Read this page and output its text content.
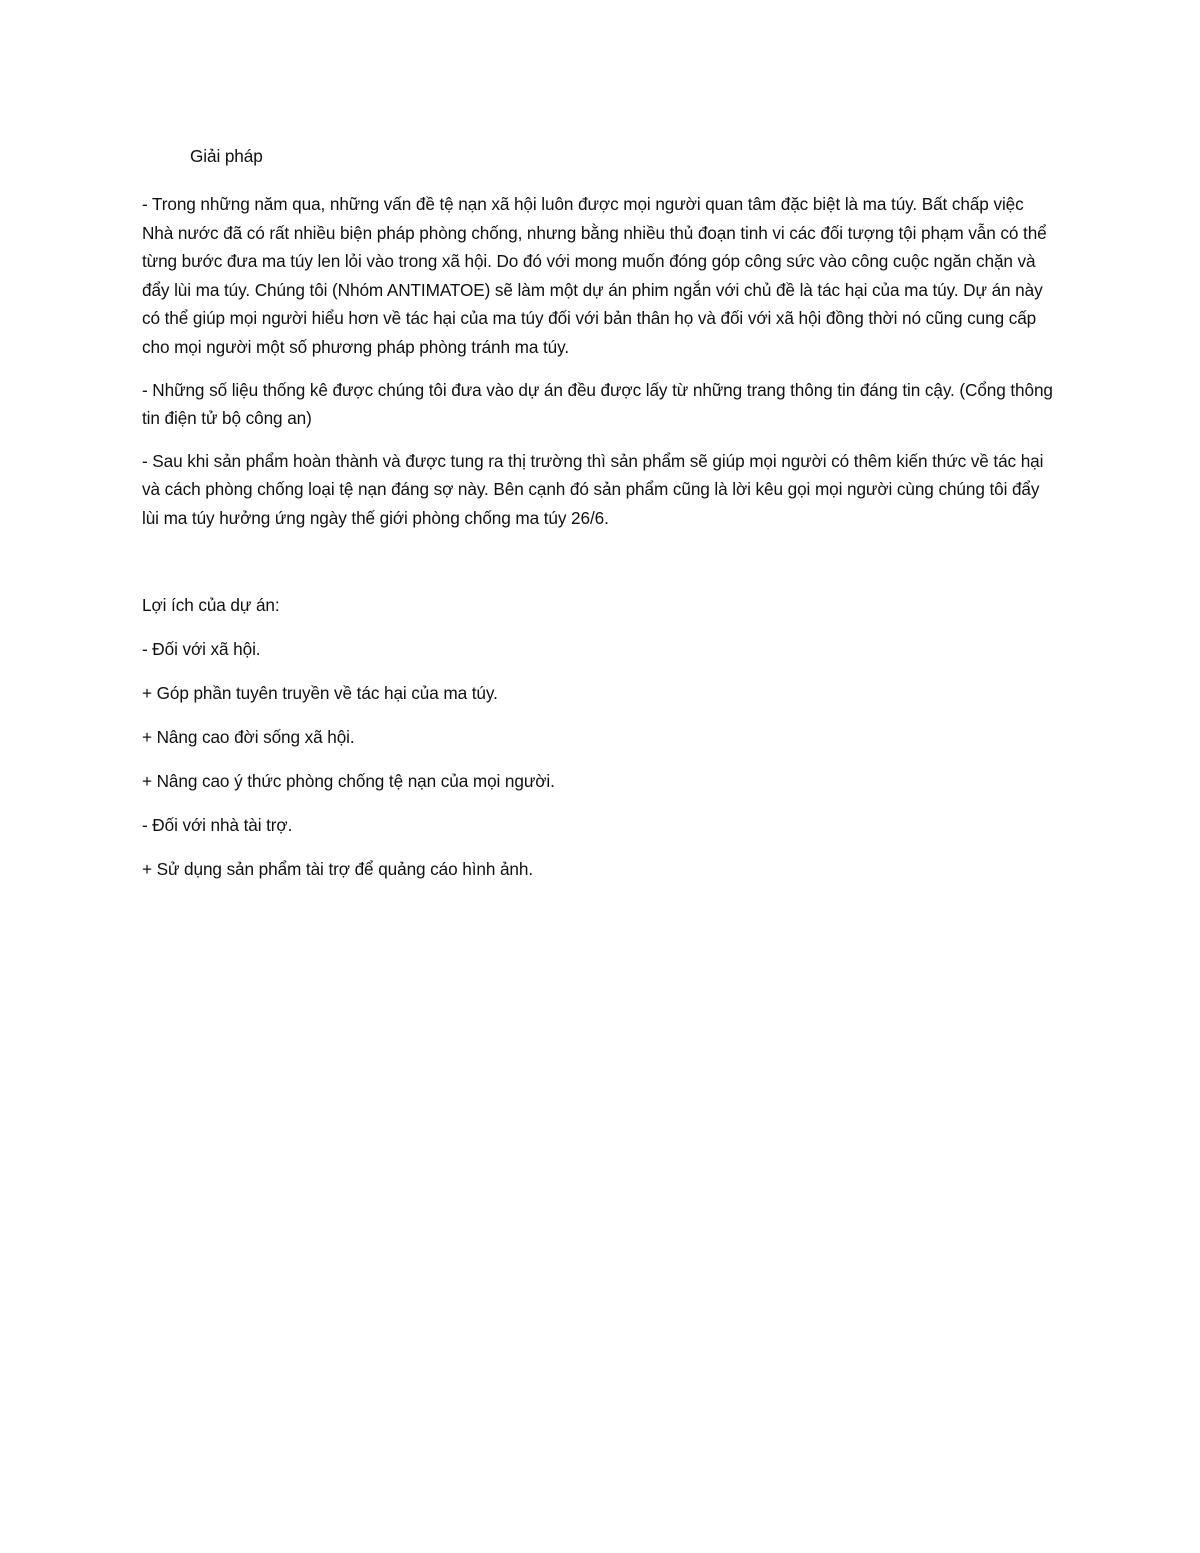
Giải pháp

- Trong những năm qua, những vấn đề tệ nạn xã hội luôn được mọi người quan tâm đặc biệt là ma túy. Bất chấp việc Nhà nước đã có rất nhiều biện pháp phòng chống, nhưng bằng nhiều thủ đoạn tinh vi các đối tượng tội phạm vẫn có thể từng bước đưa ma túy len lỏi vào trong xã hội. Do đó với mong muốn đóng góp công sức vào công cuộc ngăn chặn và đẩy lùi ma túy. Chúng tôi (Nhóm ANTIMATOE) sẽ làm một dự án phim ngắn với chủ đề là tác hại của ma túy. Dự án này có thể giúp mọi người hiểu hơn về tác hại của ma túy đối với bản thân họ và đối với xã hội đồng thời nó cũng cung cấp cho mọi người một số phương pháp phòng tránh ma túy.

- Những số liệu thống kê được chúng tôi đưa vào dự án đều được lấy từ những trang thông tin đáng tin cậy. (Cổng thông tin điện tử bộ công an)

- Sau khi sản phẩm hoàn thành và được tung ra thị trường thì sản phẩm sẽ giúp mọi người có thêm kiến thức về tác hại và cách phòng chống loại tệ nạn đáng sợ này. Bên cạnh đó sản phẩm cũng là lời kêu gọi mọi người cùng chúng tôi đẩy lùi ma túy hưởng ứng ngày thế giới phòng chống ma túy 26/6.

Lợi ích của dự án:

- Đối với xã hội.

+ Góp phần tuyên truyền về tác hại của ma túy.

+ Nâng cao đời sống xã hội.

+ Nâng cao ý thức phòng chống tệ nạn của mọi người.

- Đối với nhà tài trợ.

+ Sử dụng sản phẩm tài trợ để quảng cáo hình ảnh.
